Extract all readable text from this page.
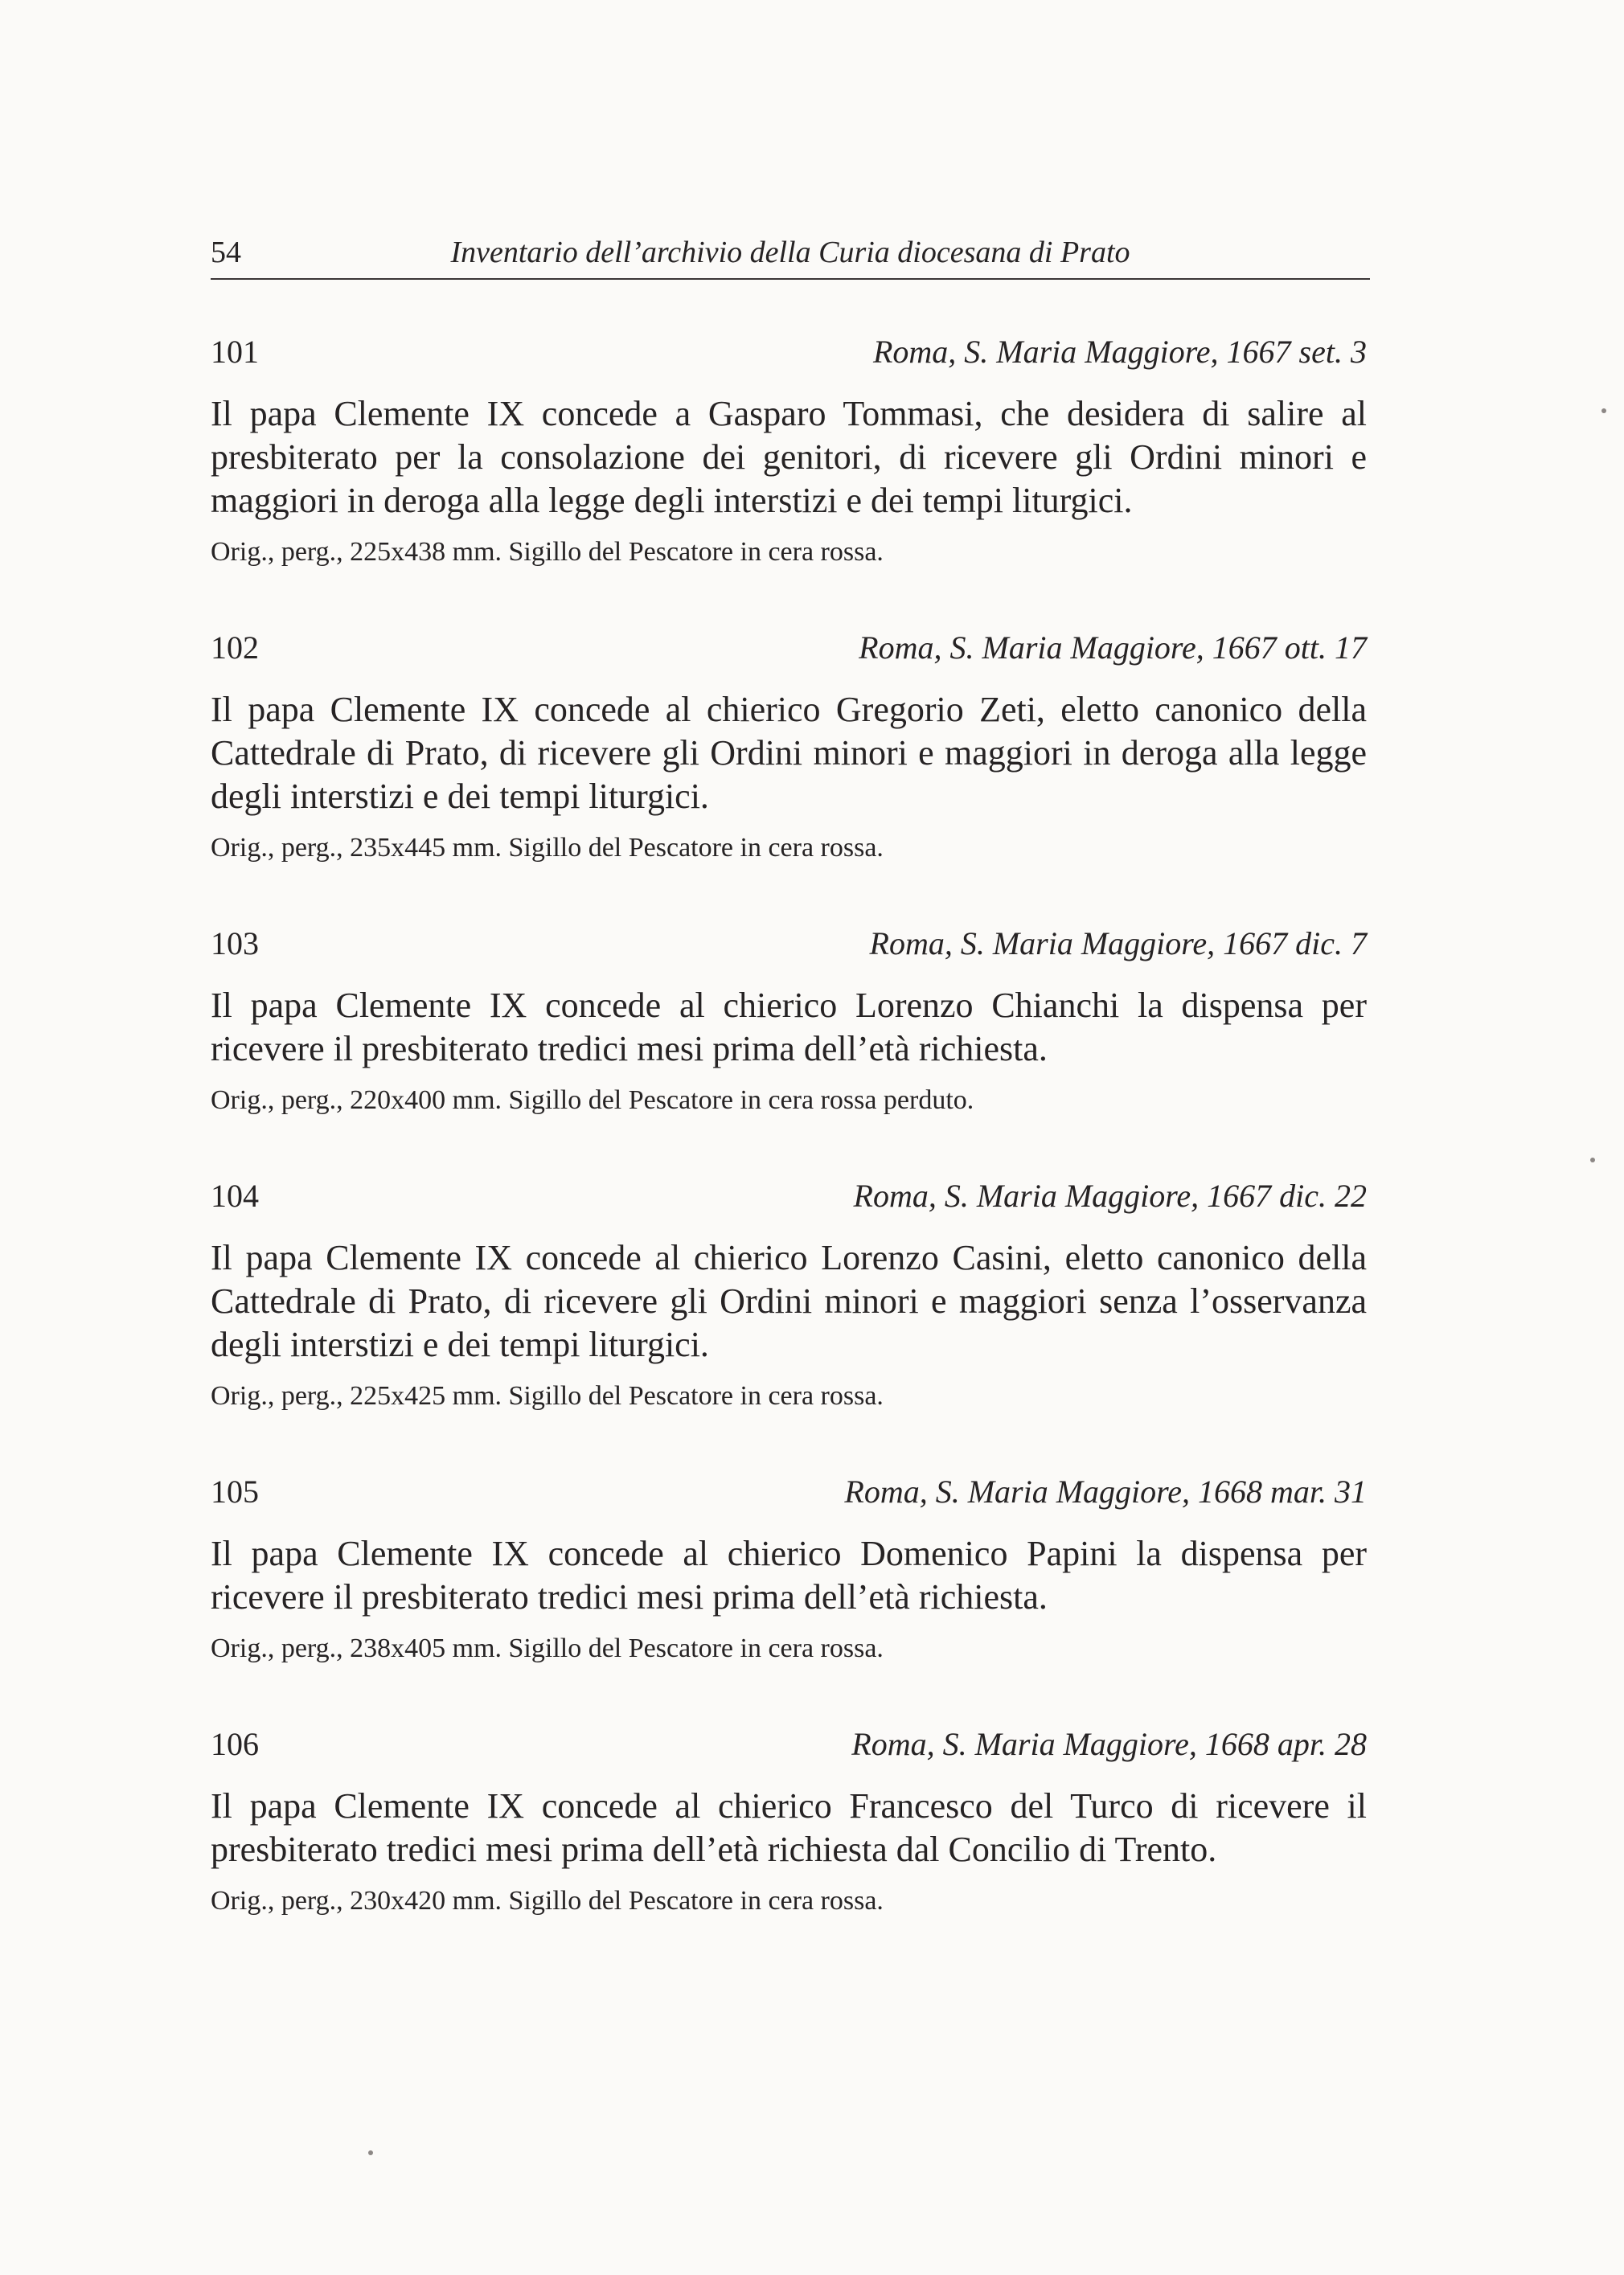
54	Inventario dell’archivio della Curia diocesana di Prato
101	Roma, S. Maria Maggiore, 1667 set. 3

Il papa Clemente IX concede a Gasparo Tommasi, che desidera di salire al presbiterato per la consolazione dei genitori, di ricevere gli Ordini minori e maggiori in deroga alla legge degli interstizi e dei tempi liturgici.

Orig., perg., 225x438 mm. Sigillo del Pescatore in cera rossa.
102	Roma, S. Maria Maggiore, 1667 ott. 17

Il papa Clemente IX concede al chierico Gregorio Zeti, eletto canonico della Cattedrale di Prato, di ricevere gli Ordini minori e maggiori in deroga alla legge degli interstizi e dei tempi liturgici.

Orig., perg., 235x445 mm. Sigillo del Pescatore in cera rossa.
103	Roma, S. Maria Maggiore, 1667 dic. 7

Il papa Clemente IX concede al chierico Lorenzo Chianchi la dispensa per ricevere il presbiterato tredici mesi prima dell’età richiesta.

Orig., perg., 220x400 mm. Sigillo del Pescatore in cera rossa perduto.
104	Roma, S. Maria Maggiore, 1667 dic. 22

Il papa Clemente IX concede al chierico Lorenzo Casini, eletto canonico della Cattedrale di Prato, di ricevere gli Ordini minori e maggiori senza l’osservanza degli interstizi e dei tempi liturgici.

Orig., perg., 225x425 mm. Sigillo del Pescatore in cera rossa.
105	Roma, S. Maria Maggiore, 1668 mar. 31

Il papa Clemente IX concede al chierico Domenico Papini la dispensa per ricevere il presbiterato tredici mesi prima dell’età richiesta.

Orig., perg., 238x405 mm. Sigillo del Pescatore in cera rossa.
106	Roma, S. Maria Maggiore, 1668 apr. 28

Il papa Clemente IX concede al chierico Francesco del Turco di ricevere il presbiterato tredici mesi prima dell’età richiesta dal Concilio di Trento.

Orig., perg., 230x420 mm. Sigillo del Pescatore in cera rossa.
